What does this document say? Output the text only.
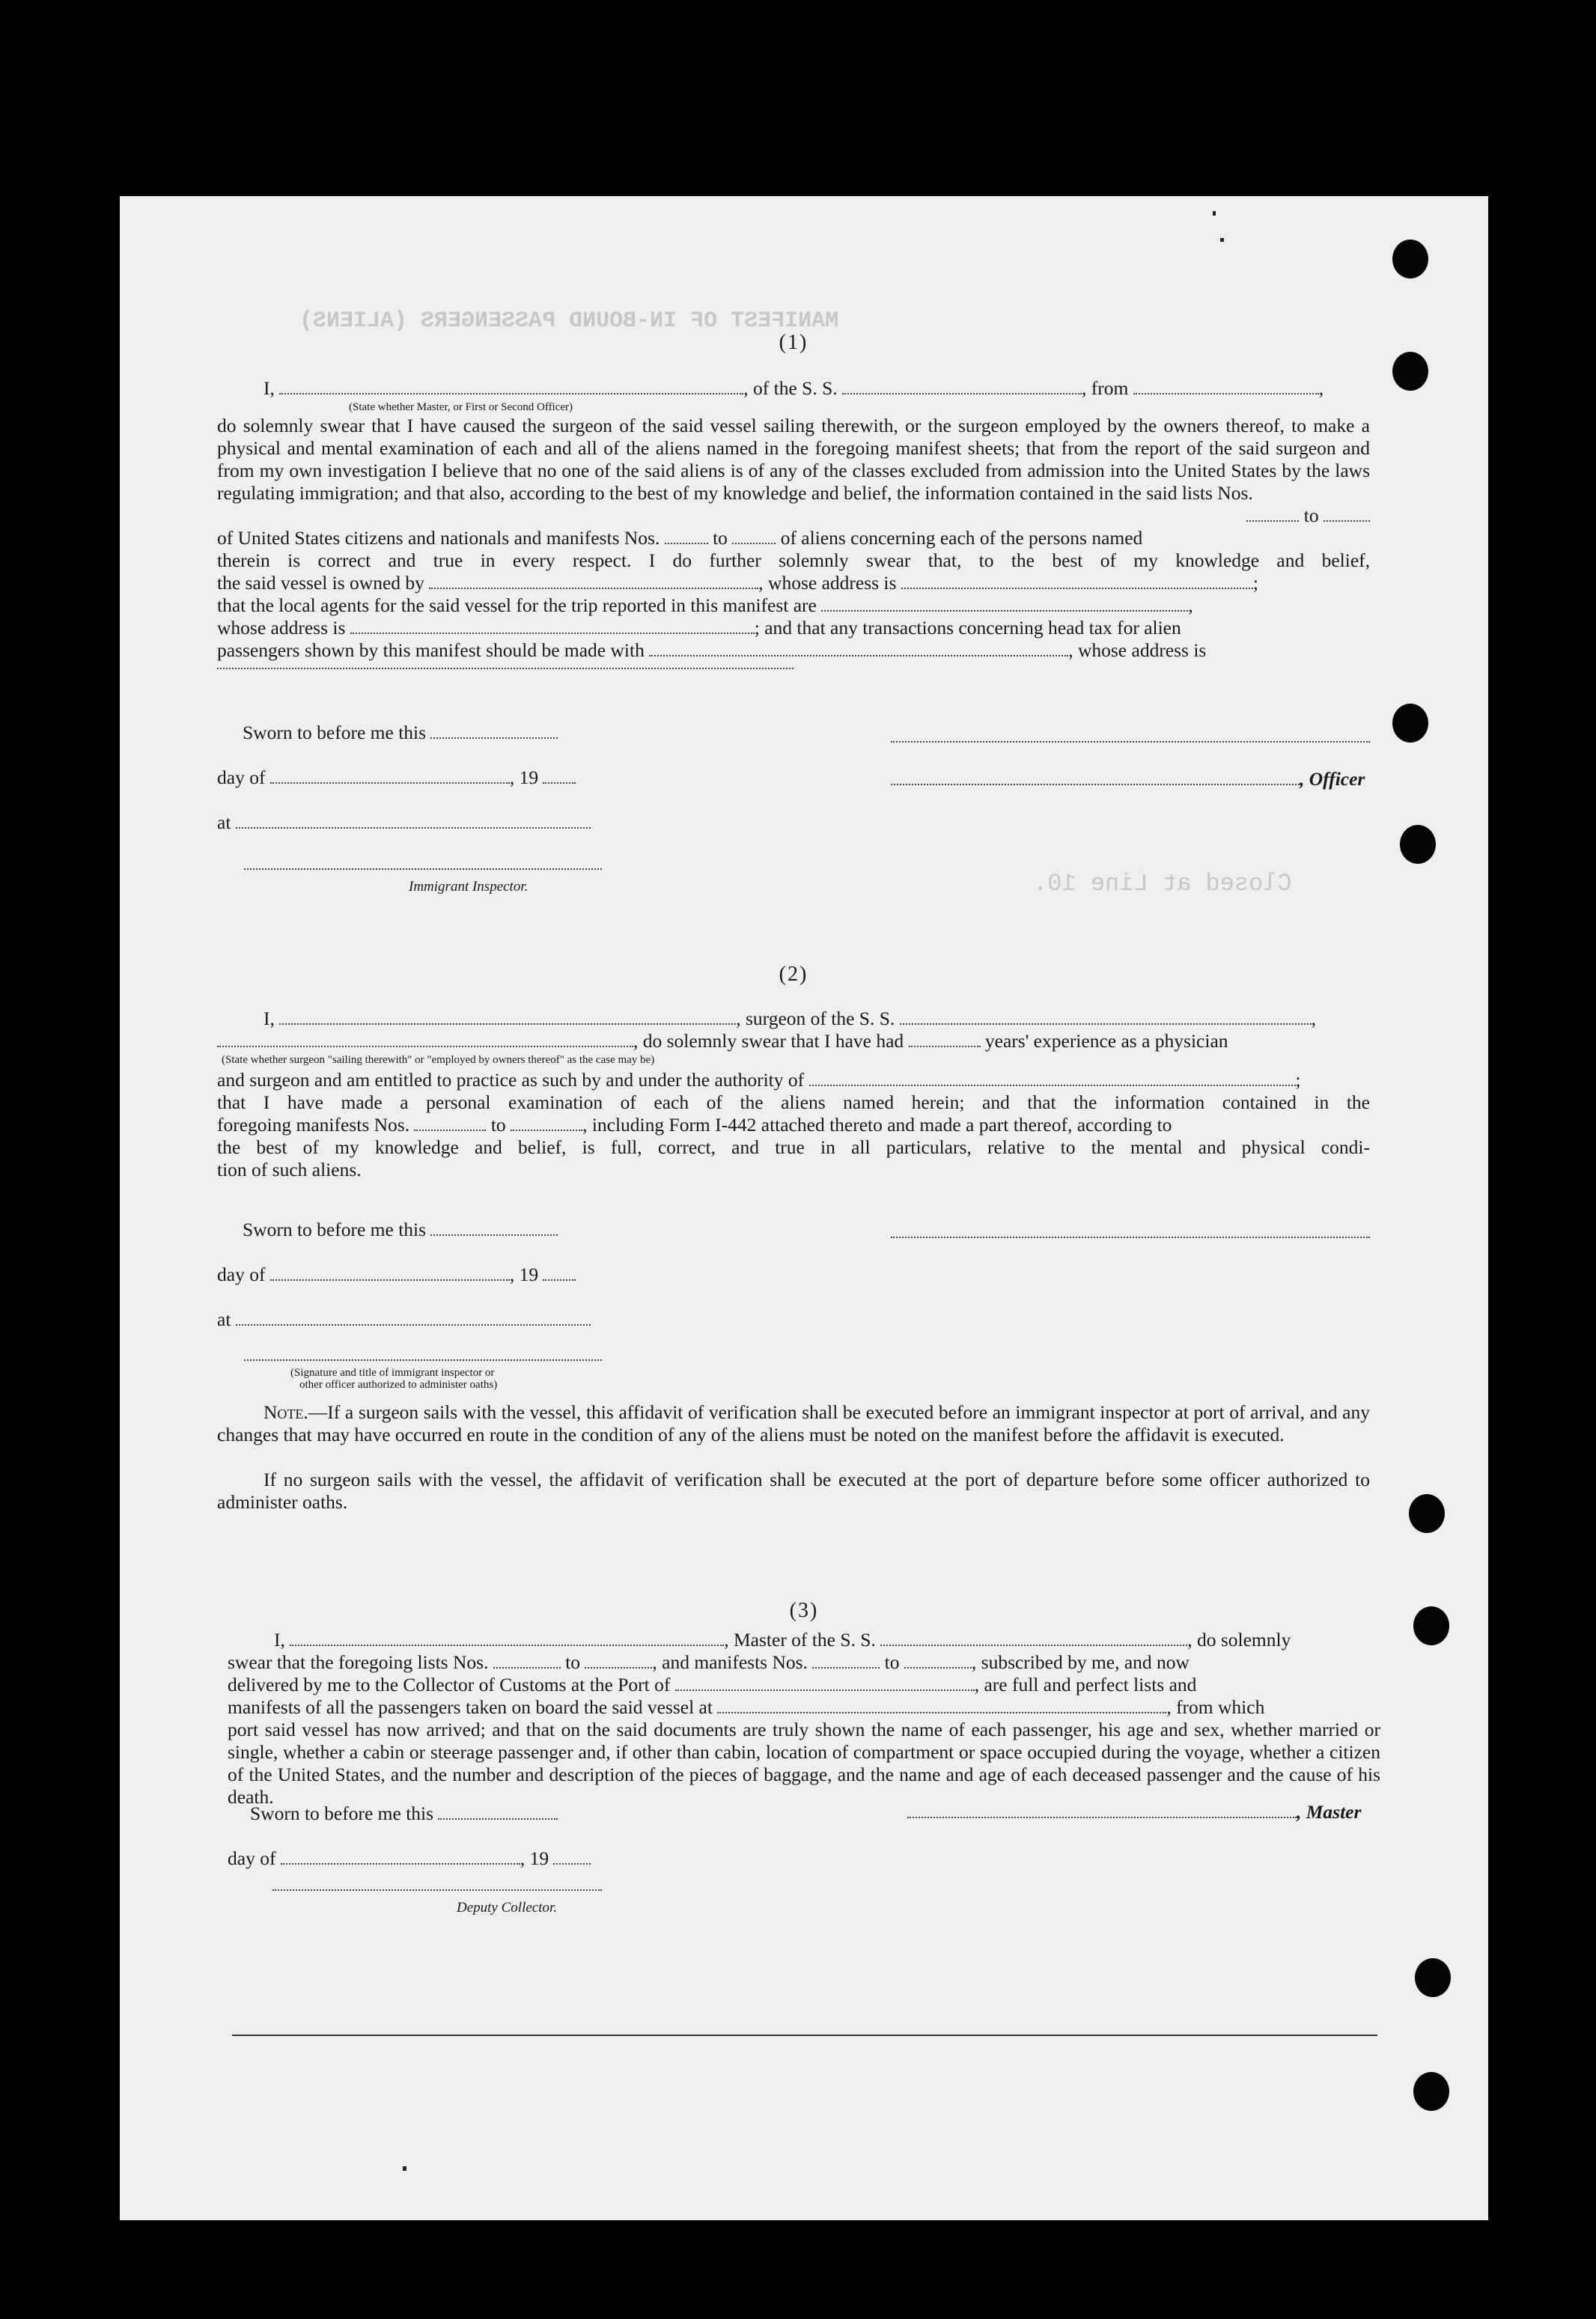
MANIFEST OF IN-BOUND PASSENGERS (ALIENS)
Closed at Line 10.
(1)
I,	, of the S. S.	, from	,
(State whether Master, or First or Second Officer)
do solemnly swear that I have caused the surgeon of the said vessel sailing therewith, or the surgeon employed by the owners thereof, to make a physical and mental examination of each and all of the aliens named in the foregoing manifest sheets; that from the report of the said surgeon and from my own investigation I believe that no one of the said aliens is of any of the classes excluded from admission into the United States by the laws regulating immigration; and that also, according to the best of my knowledge and belief, the information contained in the said lists Nos.
to
of United States citizens and nationals and manifests Nos.	to	of aliens concerning each of the persons named
therein is correct and true in every respect. I do further solemnly swear that, to the best of my knowledge and belief,
the said vessel is owned by	, whose address is	;
that the local agents for the said vessel for the trip reported in this manifest are	,
whose address is	; and that any transactions concerning head tax for alien
passengers shown by this manifest should be made with	, whose address is
Sworn to before me this
day of	, 19
at
Immigrant Inspector.
, Officer
(2)
I,	, surgeon of the S. S.	,
, do solemnly swear that I have had	years' experience as a physician
(State whether surgeon "sailing therewith" or "employed by owners thereof" as the case may be)
and surgeon and am entitled to practice as such by and under the authority of	;
that I have made a personal examination of each of the aliens named herein; and that the information contained in the
foregoing manifests Nos.	to	, including Form I-442 attached thereto and made a part thereof, according to
the best of my knowledge and belief, is full, correct, and true in all particulars, relative to the mental and physical condi-
tion of such aliens.
Sworn to before me this
day of	, 19
at
(Signature and title of immigrant inspector or
other officer authorized to administer oaths)
Note.—If a surgeon sails with the vessel, this affidavit of verification shall be executed before an immigrant inspector at port of arrival, and any changes that may have occurred en route in the condition of any of the aliens must be noted on the manifest before the affidavit is executed.
If no surgeon sails with the vessel, the affidavit of verification shall be executed at the port of departure before some officer authorized to administer oaths.
(3)
I,	, Master of the S. S.	, do solemnly
swear that the foregoing lists Nos.	to	, and manifests Nos.	to	, subscribed by me, and now
delivered by me to the Collector of Customs at the Port of	, are full and perfect lists and
manifests of all the passengers taken on board the said vessel at	, from which
port said vessel has now arrived; and that on the said documents are truly shown the name of each passenger, his age and sex, whether married or single, whether a cabin or steerage passenger and, if other than cabin, location of compartment or space occupied during the voyage, whether a citizen of the United States, and the number and description of the pieces of baggage, and the name and age of each deceased passenger and the cause of his death.
Sworn to before me this	, Master
day of	, 19
Deputy Collector.
